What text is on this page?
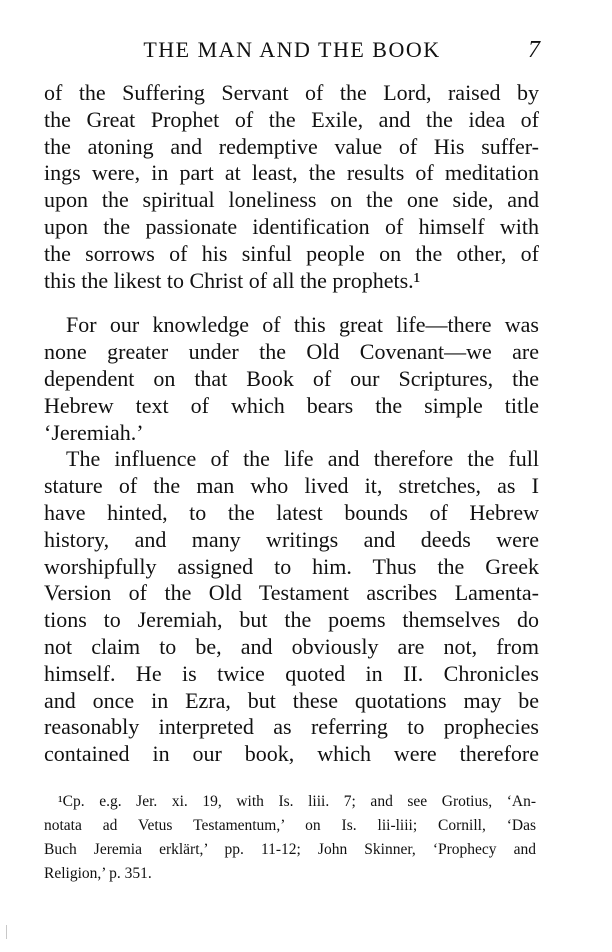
THE MAN AND THE BOOK	7
of the Suffering Servant of the Lord, raised by
the Great Prophet of the Exile, and the idea of
the atoning and redemptive value of His suffer-
ings were, in part at least, the results of meditation
upon the spiritual loneliness on the one side, and
upon the passionate identification of himself with
the sorrows of his sinful people on the other, of
this the likest to Christ of all the prophets.¹
For our knowledge of this great life—there was
none greater under the Old Covenant—we are
dependent on that Book of our Scriptures, the
Hebrew text of which bears the simple title
‘Jeremiah.’
The influence of the life and therefore the full
stature of the man who lived it, stretches, as I
have hinted, to the latest bounds of Hebrew
history, and many writings and deeds were
worshipfully assigned to him. Thus the Greek
Version of the Old Testament ascribes Lamenta-
tions to Jeremiah, but the poems themselves do
not claim to be, and obviously are not, from
himself. He is twice quoted in II. Chronicles
and once in Ezra, but these quotations may be
reasonably interpreted as referring to prophecies
contained in our book, which were therefore
¹Cp. e.g. Jer. xi. 19, with Is. liii. 7; and see Grotius, ‘An-
notata ad Vetus Testamentum,’ on Is. lii-liii; Cornill, ‘Das
Buch Jeremia erklärt,’ pp. 11-12; John Skinner, ‘Prophecy and
Religion,’ p. 351.
